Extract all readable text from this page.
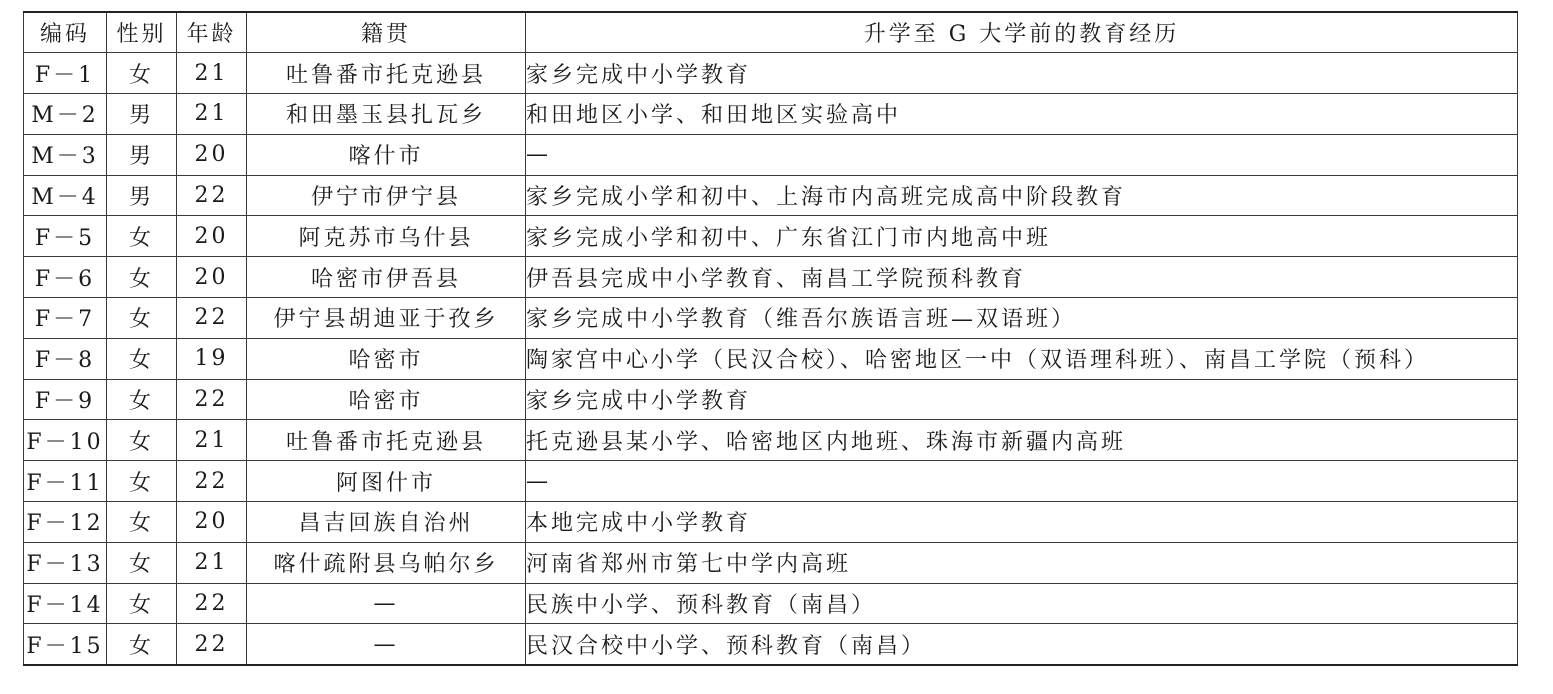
编码	性别	年龄	籍贯	升学至 G 大学前的教育经历
F－1	女	21	吐鲁番市托克逊县	家乡完成中小学教育
M－2	男	21	和田墨玉县扎瓦乡	和田地区小学、和田地区实验高中
M－3	男	20	喀什市	—
M－4	男	22	伊宁市伊宁县	家乡完成小学和初中、上海市内高班完成高中阶段教育
F－5	女	20	阿克苏市乌什县	家乡完成小学和初中、广东省江门市内地高中班
F－6	女	20	哈密市伊吾县	伊吾县完成中小学教育、南昌工学院预科教育
F－7	女	22	伊宁县胡迪亚于孜乡	家乡完成中小学教育（维吾尔族语言班—双语班）
F－8	女	19	哈密市	陶家宫中心小学（民汉合校）、哈密地区一中（双语理科班）、南昌工学院（预科）
F－9	女	22	哈密市	家乡完成中小学教育
F－10	女	21	吐鲁番市托克逊县	托克逊县某小学、哈密地区内地班、珠海市新疆内高班
F－11	女	22	阿图什市	—
F－12	女	20	昌吉回族自治州	本地完成中小学教育
F－13	女	21	喀什疏附县乌帕尔乡	河南省郑州市第七中学内高班
F－14	女	22	—	民族中小学、预科教育（南昌）
F－15	女	22	—	民汉合校中小学、预科教育（南昌）
